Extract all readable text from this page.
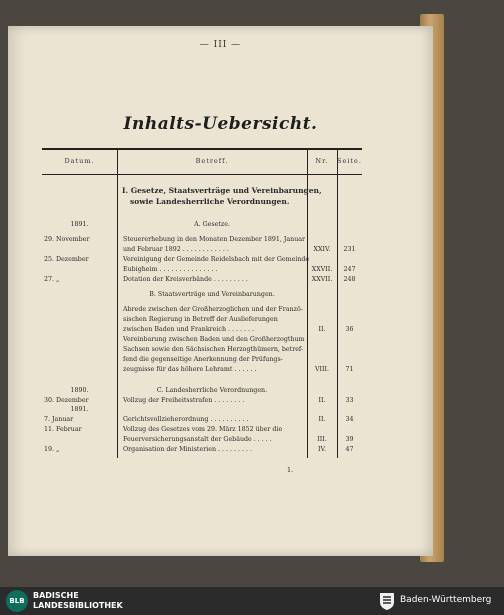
— III —
Inhalts-Uebersicht.
Datum.	Betreff.	Nr.	Seite.
I. Gesetze, Staatsverträge und Vereinbarungen,
sowie Landesherrliche Verordnungen.
1891.	A. Gesetze.
29. November	Steuererhebung in den Monaten Dezember 1891, Januar
und Februar 1892 . . . . . . . . . . . .	XXIV.	231
25. Dezember	Vereinigung der Gemeinde Reidelsbach mit der Gemeinde
Eubigheim . . . . . . . . . . . . . . .	XXVII.	247
27. „	Dotation der Kreisverbände . . . . . . . . .	XXVII.	248
B. Staatsverträge und Vereinbarungen.
Abrede zwischen der Großherzoglichen und der Franzö-
sischen Regierung in Betreff der Auslieferungen
zwischen Baden und Frankreich . . . . . . .	II.	36
Vereinbarung zwischen Baden und den Großherzogthum
Sachsen sowie den Sächsischen Herzogthümern, betref-
fend die gegenseitige Anerkennung der Prüfungs-
zeugnisse für das höhere Lehramt . . . . . .	VIII.	71
1890.	C. Landesherrliche Verordnungen.
30. Dezember	Vollzug der Freiheitsstrafen . . . . . . . .	II.	33
1891.
7. Januar	Gerichtsvollzieherordnung . . . . . . . . . .	II.	34
11. Februar	Vollzug des Gesetzes vom 29. März 1852 über die
Feuerversicherungsanstalt der Gebäude . . . . .	III.	39
19. „	Organisation der Ministerien . . . . . . . . .	IV.	47
1.
BLB
BADISCHE
LANDESBIBLIOTHEK
Baden-Württemberg
